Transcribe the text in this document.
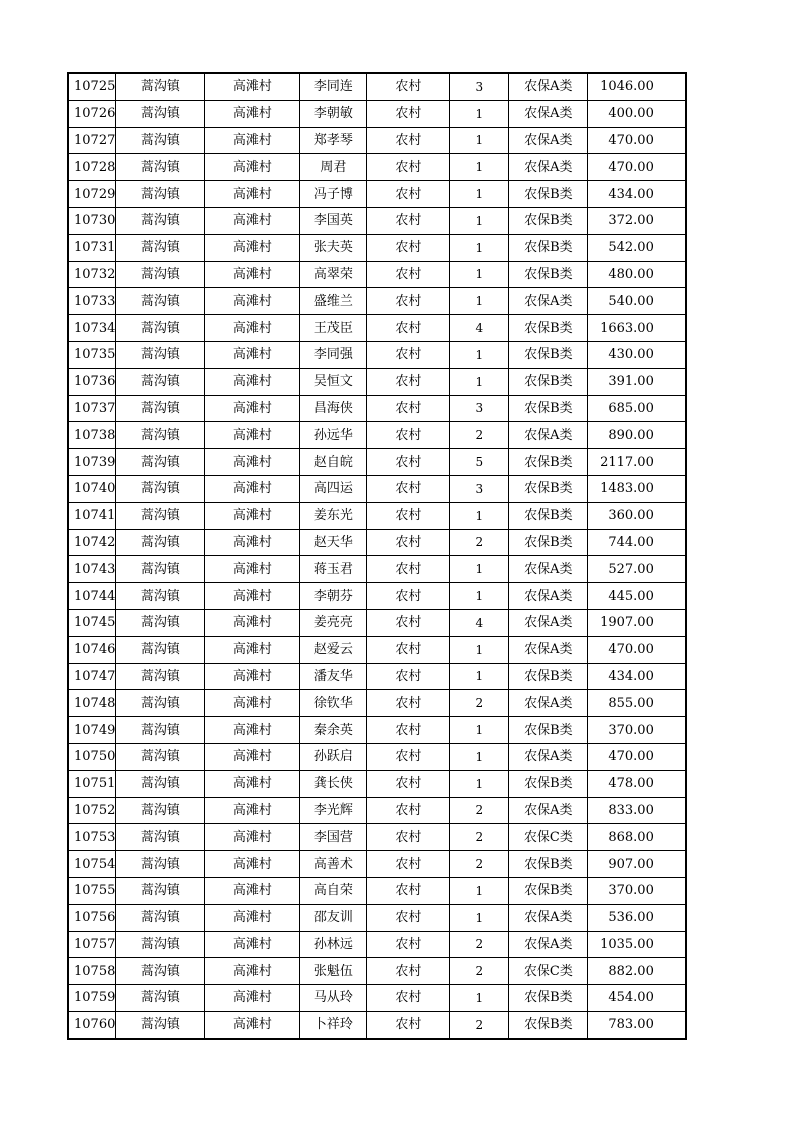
10725	蒿沟镇	高滩村	李同连	农村	3	农保A类	1046.00
10726	蒿沟镇	高滩村	李朝敏	农村	1	农保A类	400.00
10727	蒿沟镇	高滩村	郑孝琴	农村	1	农保A类	470.00
10728	蒿沟镇	高滩村	周君	农村	1	农保A类	470.00
10729	蒿沟镇	高滩村	冯子博	农村	1	农保B类	434.00
10730	蒿沟镇	高滩村	李国英	农村	1	农保B类	372.00
10731	蒿沟镇	高滩村	张夫英	农村	1	农保B类	542.00
10732	蒿沟镇	高滩村	高翠荣	农村	1	农保B类	480.00
10733	蒿沟镇	高滩村	盛维兰	农村	1	农保A类	540.00
10734	蒿沟镇	高滩村	王茂臣	农村	4	农保B类	1663.00
10735	蒿沟镇	高滩村	李同强	农村	1	农保B类	430.00
10736	蒿沟镇	高滩村	吴恒文	农村	1	农保B类	391.00
10737	蒿沟镇	高滩村	昌海侠	农村	3	农保B类	685.00
10738	蒿沟镇	高滩村	孙远华	农村	2	农保A类	890.00
10739	蒿沟镇	高滩村	赵自皖	农村	5	农保B类	2117.00
10740	蒿沟镇	高滩村	高四运	农村	3	农保B类	1483.00
10741	蒿沟镇	高滩村	姜东光	农村	1	农保B类	360.00
10742	蒿沟镇	高滩村	赵天华	农村	2	农保B类	744.00
10743	蒿沟镇	高滩村	蒋玉君	农村	1	农保A类	527.00
10744	蒿沟镇	高滩村	李朝芬	农村	1	农保A类	445.00
10745	蒿沟镇	高滩村	姜亮亮	农村	4	农保A类	1907.00
10746	蒿沟镇	高滩村	赵爱云	农村	1	农保A类	470.00
10747	蒿沟镇	高滩村	潘友华	农村	1	农保B类	434.00
10748	蒿沟镇	高滩村	徐钦华	农村	2	农保A类	855.00
10749	蒿沟镇	高滩村	秦余英	农村	1	农保B类	370.00
10750	蒿沟镇	高滩村	孙跃启	农村	1	农保A类	470.00
10751	蒿沟镇	高滩村	龚长侠	农村	1	农保B类	478.00
10752	蒿沟镇	高滩村	李光辉	农村	2	农保A类	833.00
10753	蒿沟镇	高滩村	李国营	农村	2	农保C类	868.00
10754	蒿沟镇	高滩村	高善术	农村	2	农保B类	907.00
10755	蒿沟镇	高滩村	高自荣	农村	1	农保B类	370.00
10756	蒿沟镇	高滩村	邵友训	农村	1	农保A类	536.00
10757	蒿沟镇	高滩村	孙林远	农村	2	农保A类	1035.00
10758	蒿沟镇	高滩村	张魁伍	农村	2	农保C类	882.00
10759	蒿沟镇	高滩村	马从玲	农村	1	农保B类	454.00
10760	蒿沟镇	高滩村	卜祥玲	农村	2	农保B类	783.00
